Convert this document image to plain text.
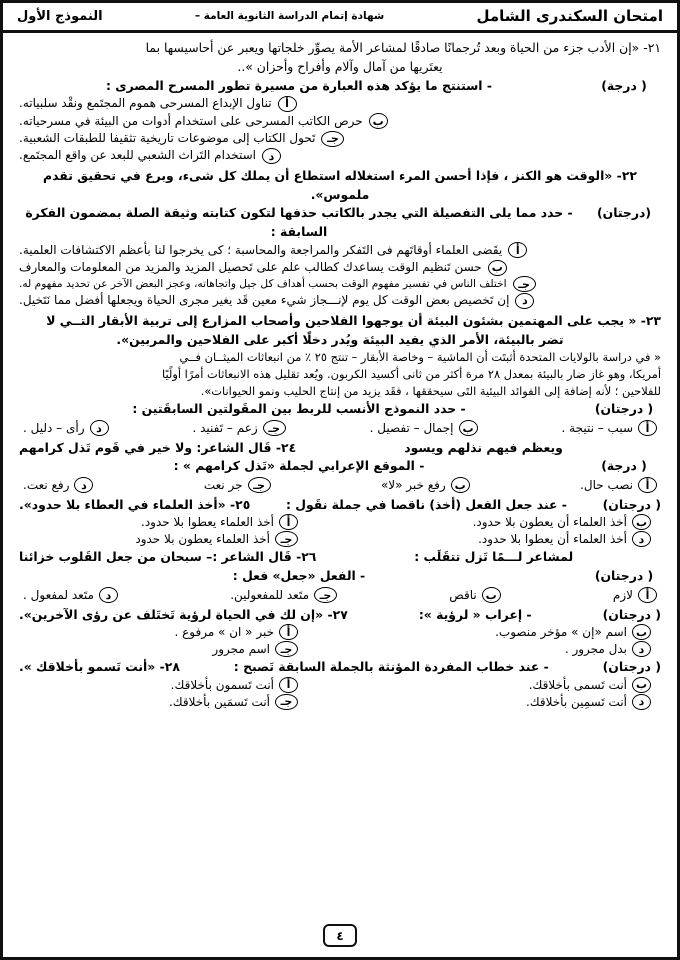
امتحان السكندرى الشامل
شهادة إتمام الدراسة الثانوية العامة –
النموذج الأول
٢١- «إن الأدب جزء من الحياة وبعد تُرجمانًا صادقًا لمشاعر الأمة يصوِّر خلجاتها ويعبر عن أحاسيسها بما
يعتَريها من آمال وآلام وأفراح وأحزان »..
( درجة)
- استنتج ما يؤكد هذه العبارة من مسيرة تطور المسرح المصرى :
أ
تناول الإبداع المسرحى هموم المجتَمع ونقْد سلبياته.
ب
حرص الكاتب المسرحى على استخدام أدوات من البيئة في مسرحياته.
جـ
تَحول الكتاب إلى موضوعات تاريخية تثقيفا للطبقات الشعبية.
د
استخدام التَراث الشعبي للبعد عن واقع المجتَمع.
٢٢- «الوقت هو الكنز ، فإذا أحسن المرء استغلاله استطاع أن يملك كل شىء، وبرع في تحقيق تقدم ملموس».
(درجتان)
- حدد مما يلى التفصيلة التي يجدر بالكاتب حذفها لتكون كتابته وثيقة الصلة بمضمون الفكرة السابقة :
أ
يقَضى العلماء أوقاتَهم فى التَفكر والمراجعة والمحاسبة ؛ كى يخرجوا لنا بأعظم الاكتشافات العلمية.
ب
حسن تَنظيم الوقت يساعدك كطالب علم على تَحصيل المزيد والمزيد من المعلومات والمعارف
جـ
اختلف الناس في تفسير مفهوم الوقت بحسب أهداف كل جيل واتجاهاته، وعجز البعض الآخر عن تحديد مفهوم له.
د
إن تَخصيص بعض الوقت كل يوم لإنـــجاز شيء معين قَد يغير مجرى الحياة ويجعلها أفضل مما نَتَخيل.
٢٣- « يجب على المهتمين بشئون البيئة أن يوجهوا الفلاحين وأصحاب المزارع إلى تربية الأبقار التــي لا
تضر بالبيئة، الأمر الذي يفيد البيئة ويُدر دخلًا أكبر على الفلاحين والمربين».
« في دراسة بالولايات المتحدة أثبتَت أن الماشية – وخاصة الأبقار – تنتج ٢٥ ٪ من انبعاثات الميثــان فــي
أمريكا، وهو غاز ضار بالبيئة بمعدل ٢٨ مرة أكثر من ثانى أكسيد الكربون. ويُعد تقليل هذه الانبعاثات أمرًا أولًيًا
للفلاحين ؛ لأنه إضافة إلى الفوائد البيئية التَى سيحققها ، فقَد يزيد من إنتاج الحليب ونمو الحيوانات».
( درجتان)
- حدد النموذج الأنسب للربط بين المقَولتين السابقَتين :
أ
سبب – نتيجة .
ب
إجمال – تفصيل .
جـ
زعم – تَفنيد .
د
رأى – دليل .
ويعظم فيهم نذلهم ويسود
٢٤- قَال الشاعر: ولا خير في قَوم تَذل كرامهم
( درجة)
- الموقع الإعرابي لجملة «تَذل كرامهم » :
أ
نصب حال.
ب
رفع خبر «لا»
جـ
جر نعت
د
رفع نعت.
( درجتان)
- عند جعل الفعل (أخذ) ناقصا في جملة نقَول :
٢٥- «أخذ العلماء في العطاء بلا حدود».
ب
أخذ العلماء أن يعطون بلا حدود.
أ
أخذ العلماء يعطوا بلا حدود.
د
أخذ العلماء أن يعطوا بلا حدود.
جـ
أخذ العلماء يعطون بلا حدود
لمشاعر لـــمًا تَزل تتقَلَب :
٢٦- قَال الشاعر :– سبحان من جعل القَلوب خزائنا
( درجتان)
- الفعل «جعل» فعل :
أ
لازم
ب
ناقص
جـ
متَعد للمفعولين.
د
متَعد لمفعول .
( درجتان)
- إعراب « لرؤية »:
٢٧- «إن لك في الحياة لرؤية تَختَلف عن رؤى الآخرين».
ب
اسم «إن » مؤخر منصوب.
أ
خبر « ان » مرفوع .
د
بدل مجرور .
جـ
اسم مجرور
( درجتان)
- عند خطاب المفردة المؤنثة بالجملة السابقة تَصبح :
٢٨- «أنت تَسمو بأخلاقك ».
ب
أنت تَسمى بأخلاقك.
أ
أنت تَسمون بأخلاقك.
د
أنت تَسمِين بأخلاقك.
جـ
أنت تَسمَين بأخلاقك.
٤
